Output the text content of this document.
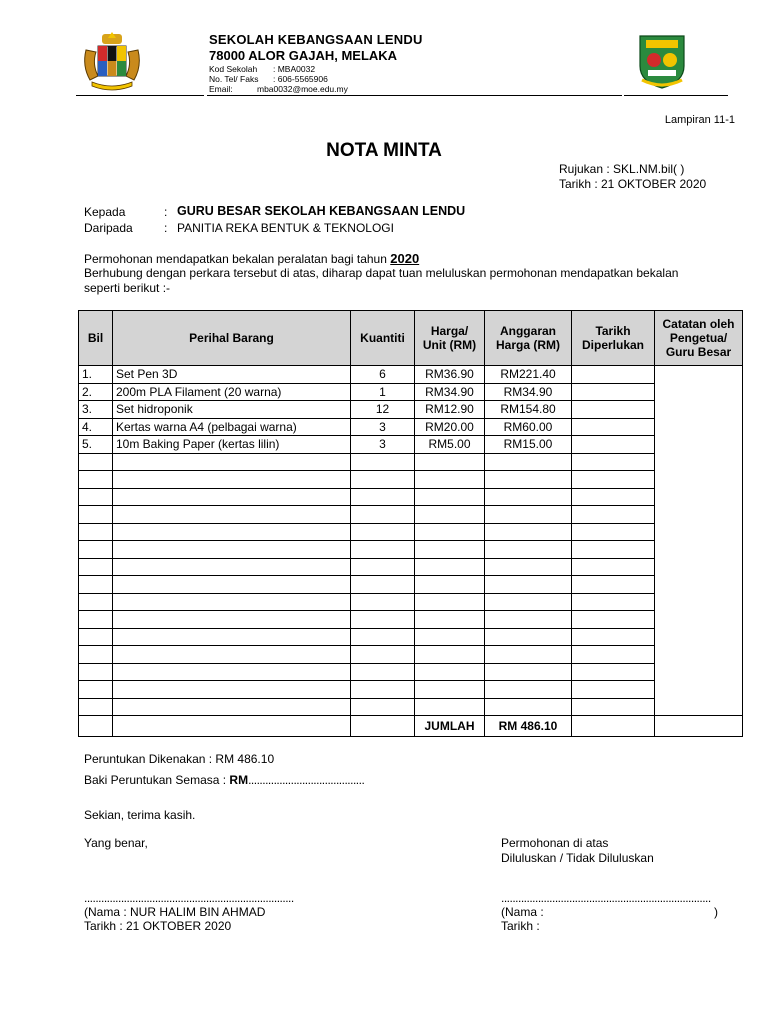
SEKOLAH KEBANGSAAN LENDU
78000 ALOR GAJAH, MELAKA
Kod Sekolah : MBA0032
No. Tel/ Faks : 606-5565906
Email:	mba0032@moe.edu.my
Lampiran 11-1
NOTA MINTA
Rujukan : SKL.NM.bil( )
Tarikh : 21 OKTOBER 2020
Kepada	: GURU BESAR SEKOLAH KEBANGSAAN LENDU
Daripada	: PANITIA REKA BENTUK & TEKNOLOGI
Permohonan mendapatkan bekalan peralatan bagi tahun 2020
Berhubung dengan perkara tersebut di atas, diharap dapat tuan meluluskan permohonan mendapatkan bekalan
seperti berikut :-
Bil	Perihal Barang	Kuantiti	Harga/ Unit (RM)	Anggaran Harga (RM)	Tarikh Diperlukan	Catatan oleh Pengetua/ Guru Besar
1.	Set Pen 3D	6	RM36.90	RM221.40		
2.	200m PLA Filament (20 warna)	1	RM34.90	RM34.90		
3.	Set hidroponik	12	RM12.90	RM154.80		
4.	Kertas warna A4 (pelbagai warna)	3	RM20.00	RM60.00		
5.	10m Baking Paper (kertas lilin)	3	RM5.00	RM15.00		

			JUMLAH	RM 486.10		
Peruntukan Dikenakan : RM 486.10
Baki Peruntukan Semasa : RM.........................................
Sekian, terima kasih.
Yang benar,	Permohonan di atas
Diluluskan / Tidak Diluluskan
..........................................................................	..........................................................................
(Nama : NUR HALIM BIN AHMAD
Tarikh : 21 OKTOBER 2020
(Nama :	)
Tarikh :
